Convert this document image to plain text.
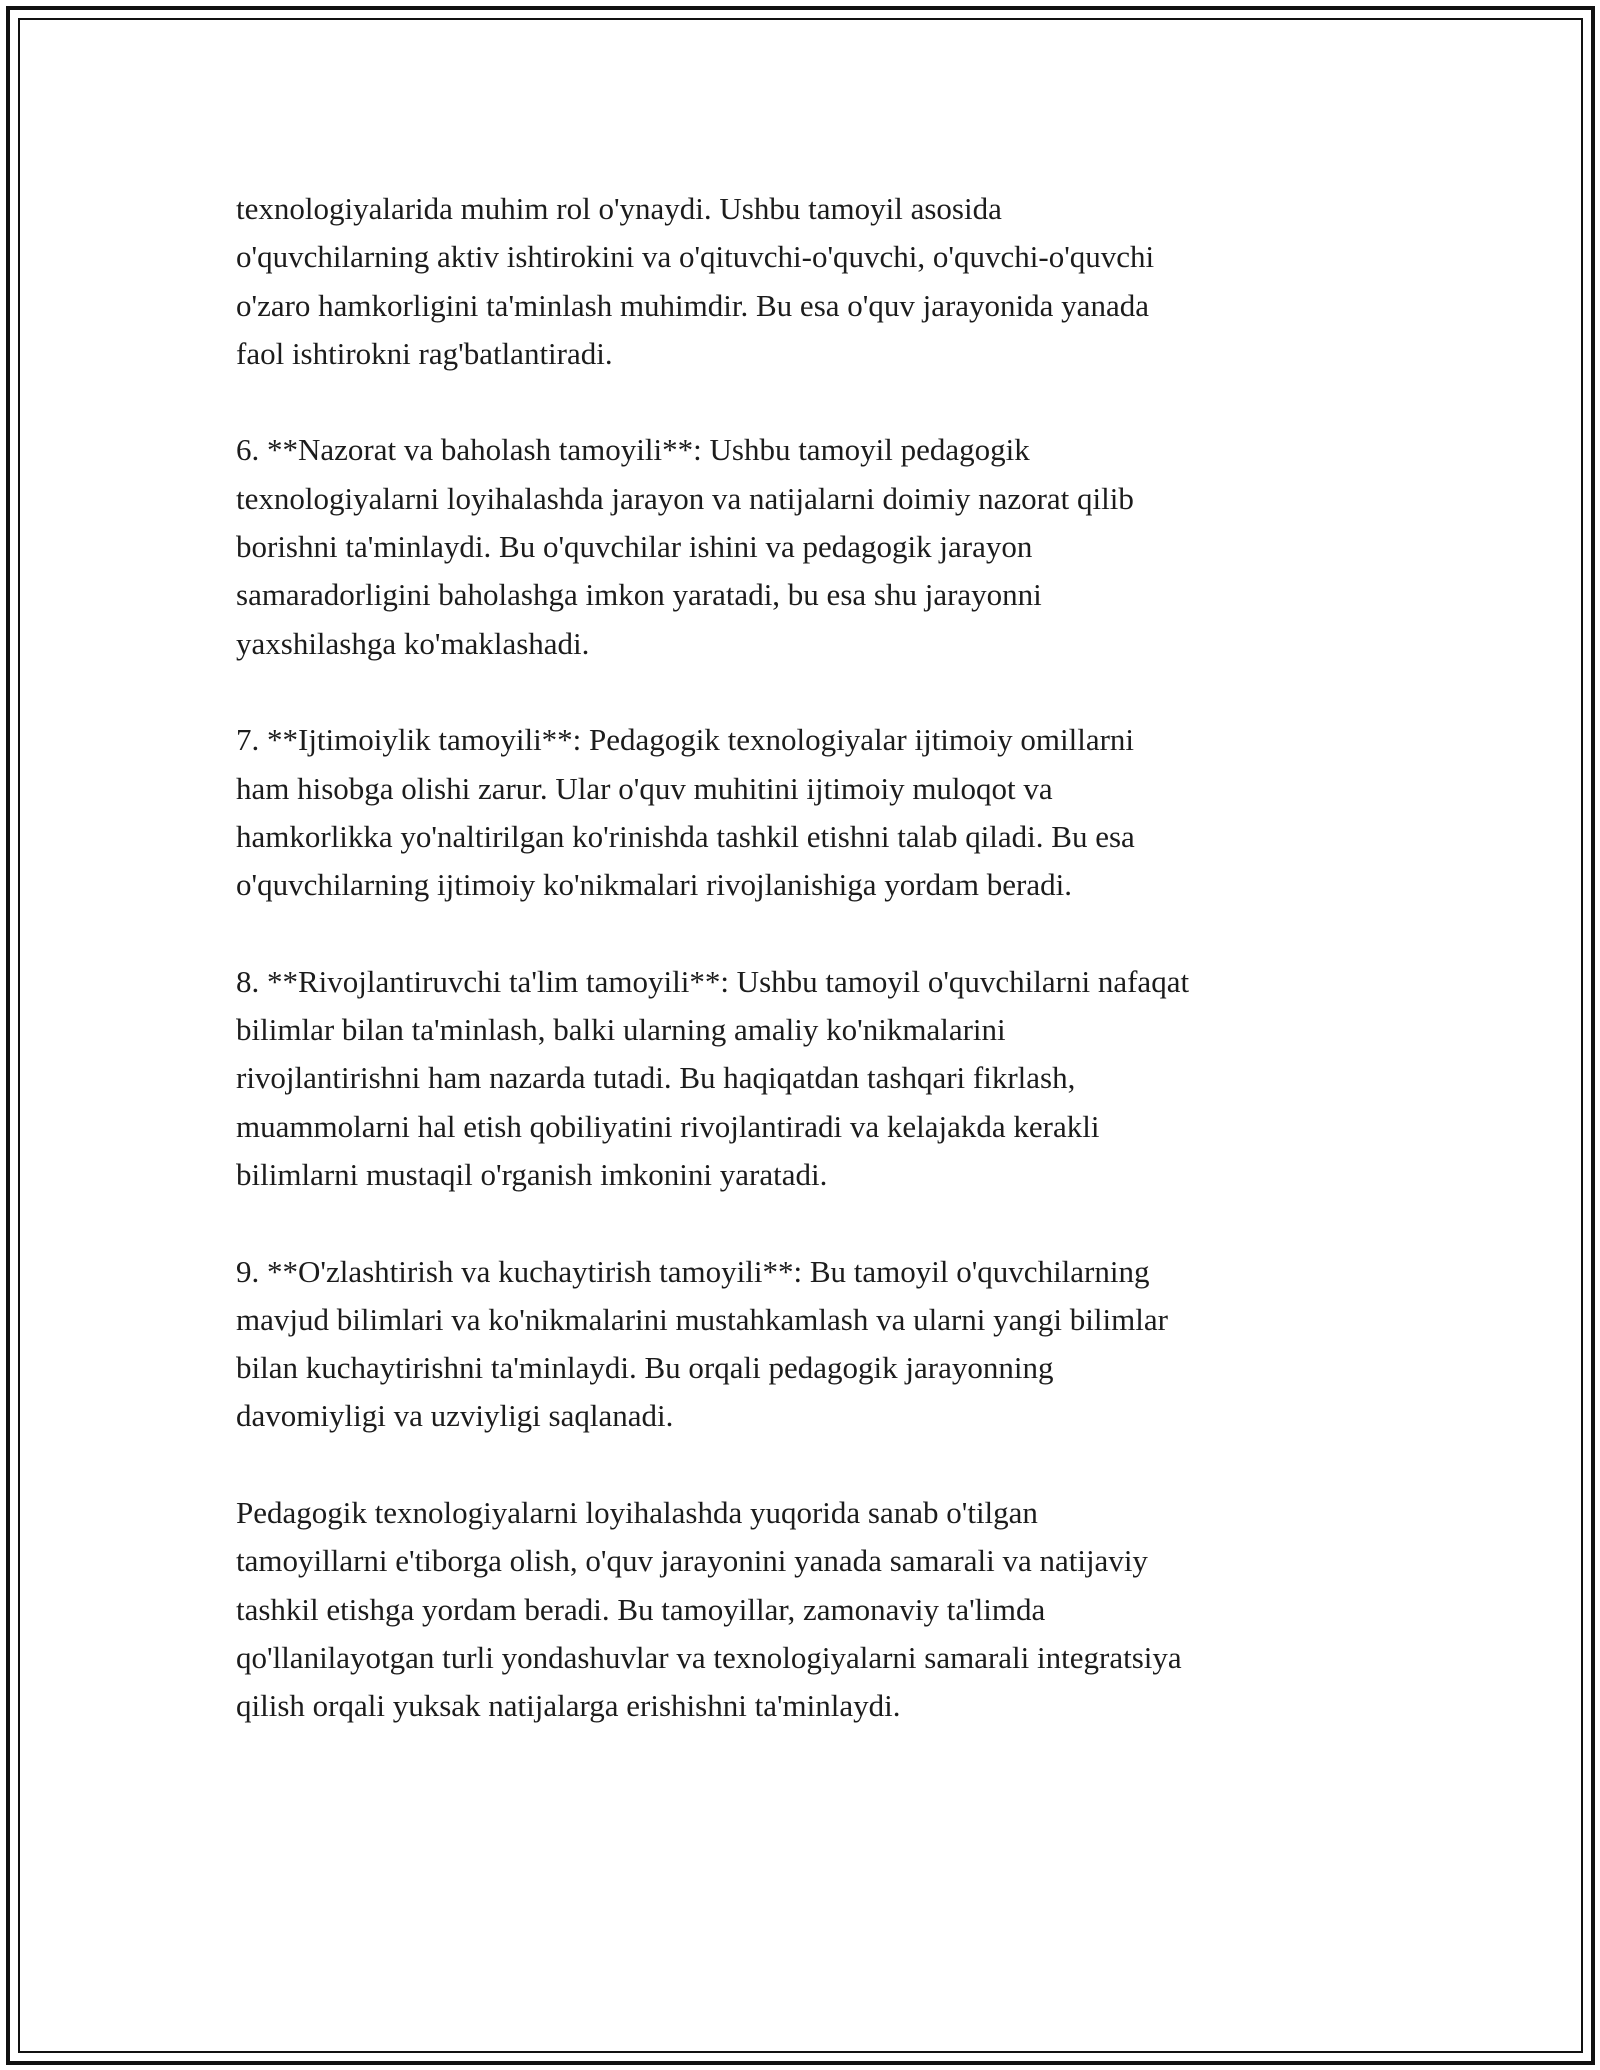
texnologiyalarida muhim rol o'ynaydi. Ushbu tamoyil asosida
o'quvchilarning aktiv ishtirokini va o'qituvchi-o'quvchi, o'quvchi-o'quvchi
o'zaro hamkorligini ta'minlash muhimdir. Bu esa o'quv jarayonida yanada
faol ishtirokni rag'batlantiradi.

6. **Nazorat va baholash tamoyili**: Ushbu tamoyil pedagogik
texnologiyalarni loyihalashda jarayon va natijalarni doimiy nazorat qilib
borishni ta'minlaydi. Bu o'quvchilar ishini va pedagogik jarayon
samaradorligini baholashga imkon yaratadi, bu esa shu jarayonni
yaxshilashga ko'maklashadi.

7. **Ijtimoiylik tamoyili**: Pedagogik texnologiyalar ijtimoiy omillarni
ham hisobga olishi zarur. Ular o'quv muhitini ijtimoiy muloqot va
hamkorlikka yo'naltirilgan ko'rinishda tashkil etishni talab qiladi. Bu esa
o'quvchilarning ijtimoiy ko'nikmalari rivojlanishiga yordam beradi.

8. **Rivojlantiruvchi ta'lim tamoyili**: Ushbu tamoyil o'quvchilarni nafaqat
bilimlar bilan ta'minlash, balki ularning amaliy ko'nikmalarini
rivojlantirishni ham nazarda tutadi. Bu haqiqatdan tashqari fikrlash,
muammolarni hal etish qobiliyatini rivojlantiradi va kelajakda kerakli
bilimlarni mustaqil o'rganish imkonini yaratadi.

9. **O'zlashtirish va kuchaytirish tamoyili**: Bu tamoyil o'quvchilarning
mavjud bilimlari va ko'nikmalarini mustahkamlash va ularni yangi bilimlar
bilan kuchaytirishni ta'minlaydi. Bu orqali pedagogik jarayonning
davomiyligi va uzviyligi saqlanadi.

Pedagogik texnologiyalarni loyihalashda yuqorida sanab o'tilgan
tamoyillarni e'tiborga olish, o'quv jarayonini yanada samarali va natijaviy
tashkil etishga yordam beradi. Bu tamoyillar, zamonaviy ta'limda
qo'llanilayotgan turli yondashuvlar va texnologiyalarni samarali integratsiya
qilish orqali yuksak natijalarga erishishni ta'minlaydi.
